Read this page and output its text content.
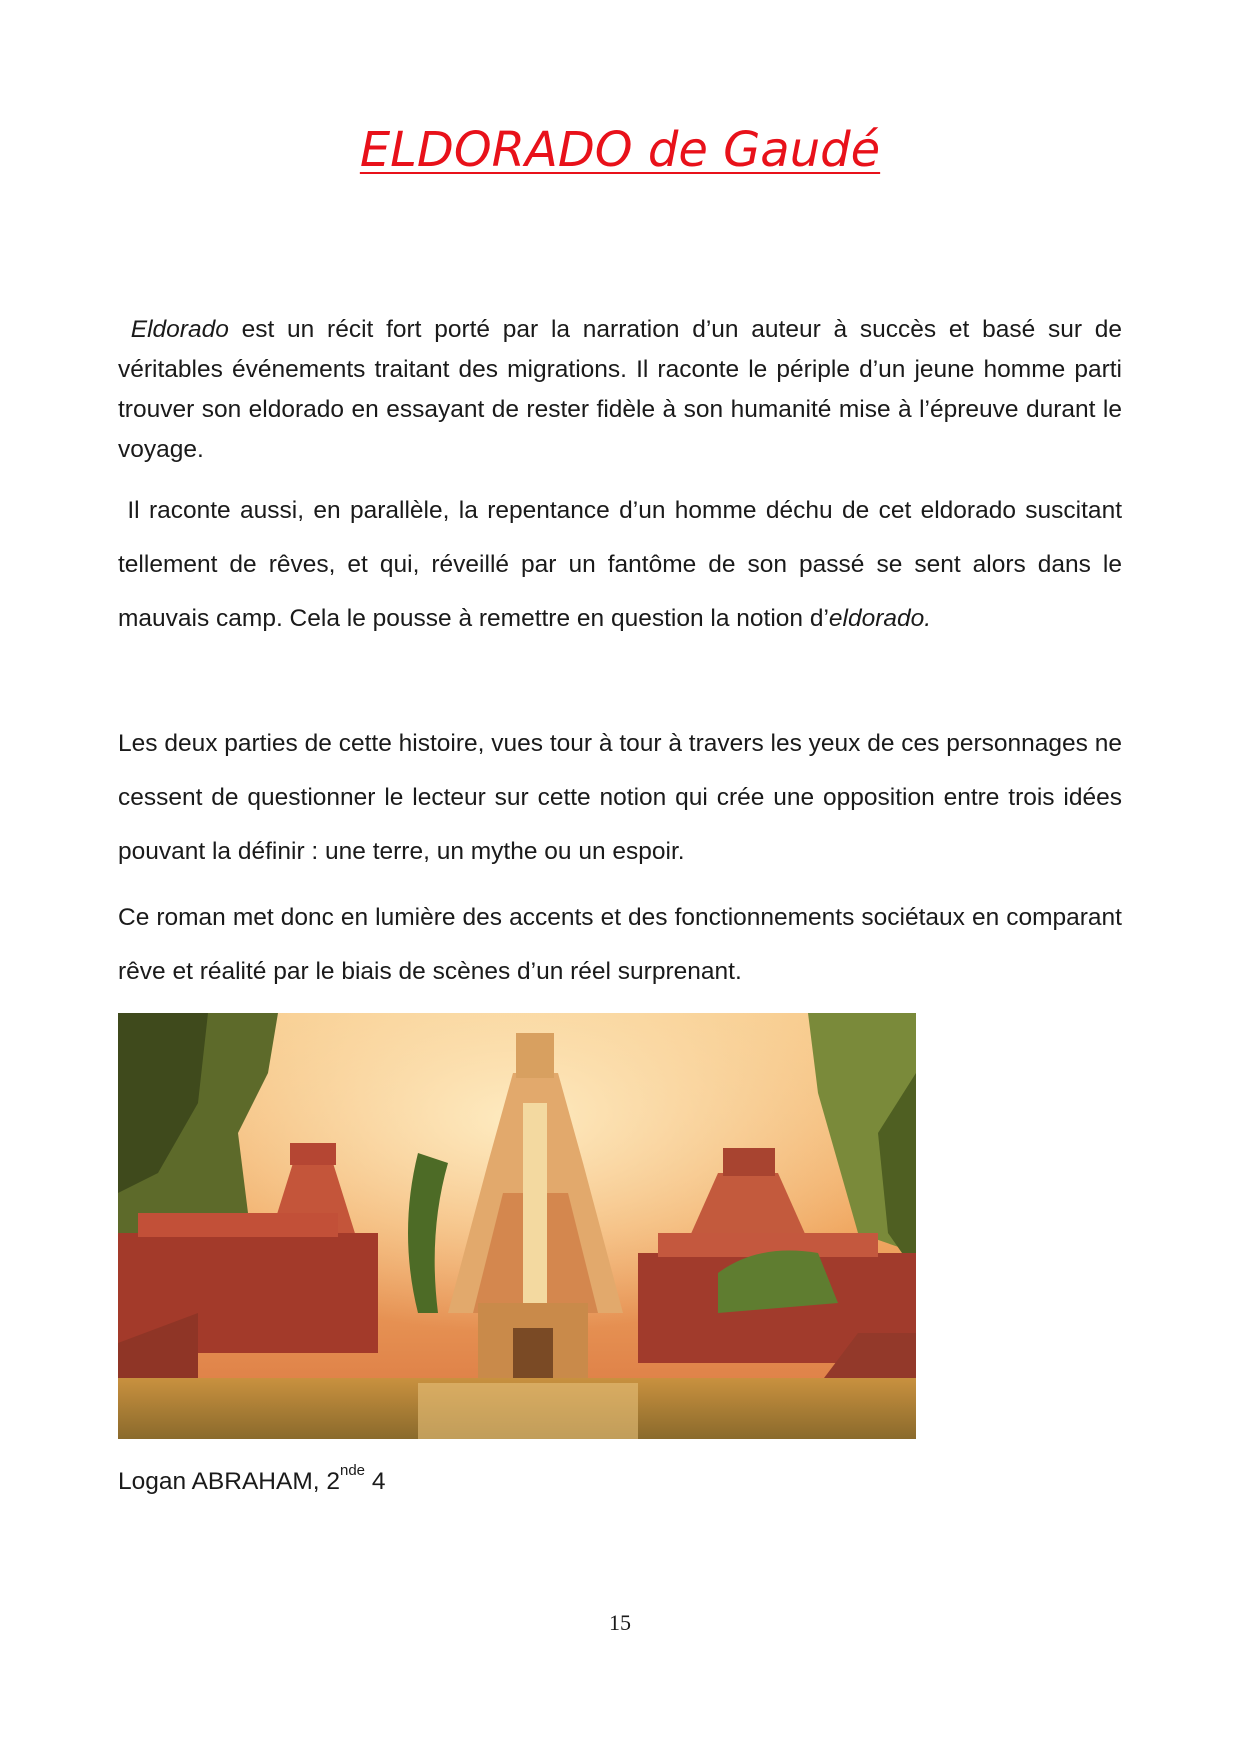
ELDORADO de Gaudé

Eldorado est un récit fort porté par la narration d’un auteur à succès et basé sur de véritables événements traitant des migrations. Il raconte le périple d’un jeune homme parti trouver son eldorado en essayant de rester fidèle à son humanité mise à l’épreuve durant le voyage.

Il raconte aussi, en parallèle, la repentance d’un homme déchu de cet eldorado suscitant tellement de rêves, et qui, réveillé par un fantôme de son passé se sent alors dans le mauvais camp. Cela le pousse à remettre en question la notion d’eldorado.

Les deux parties de cette histoire, vues tour à tour à travers les yeux de ces personnages ne cessent de questionner le lecteur sur cette notion qui crée une opposition entre trois idées pouvant la définir : une terre, un mythe ou un espoir.

Ce roman met donc en lumière des accents et des fonctionnements sociétaux en comparant rêve et réalité par le biais de scènes d’un réel surprenant.

Logan ABRAHAM, 2nde 4
15
